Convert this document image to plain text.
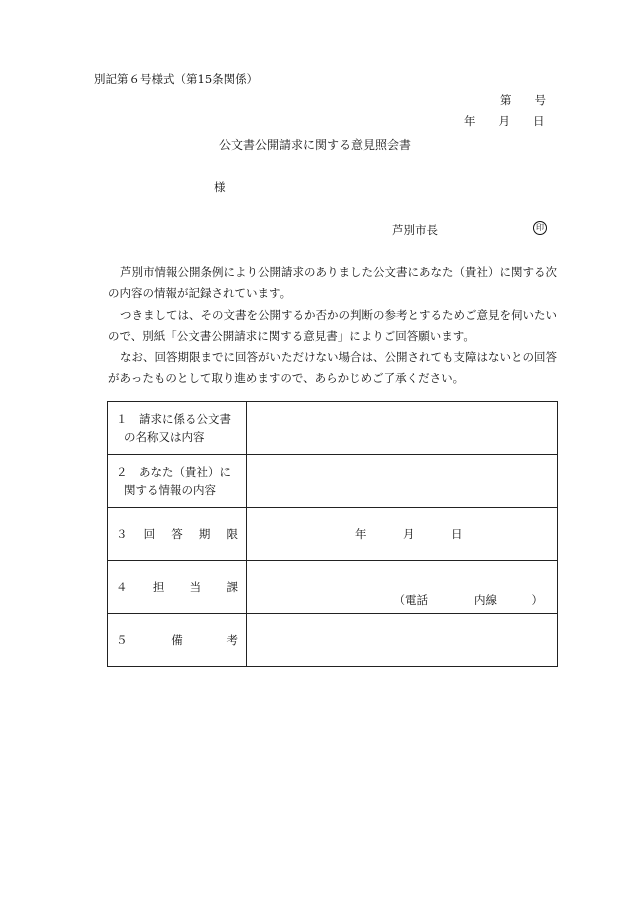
別記第６号様式（第15条関係）
第　　号
年　　月　　日
公文書公開請求に関する意見照会書
様
芦別市長	印

芦別市情報公開条例により公開請求のありました公文書にあなた（貴社）に関する次

の内容の情報が記録されています。

つきましては、その文書を公開するか否かの判断の参考とするためご意見を伺いたい

ので、別紙「公文書公開請求に関する意見書」によりご回答願います。

なお、回答期限までに回答がいただけない場合は、公開されても支障はないとの回答

があったものとして取り進めますので、あらかじめご了承ください。

１　請求に係る公文書
の名称又は内容	

２　あなた（貴社）に
関する情報の内容	

３ 回 答 期 限	年 月 日

４ 担 当 課	（電話　　　　内線　　　）

５ 備 考	
